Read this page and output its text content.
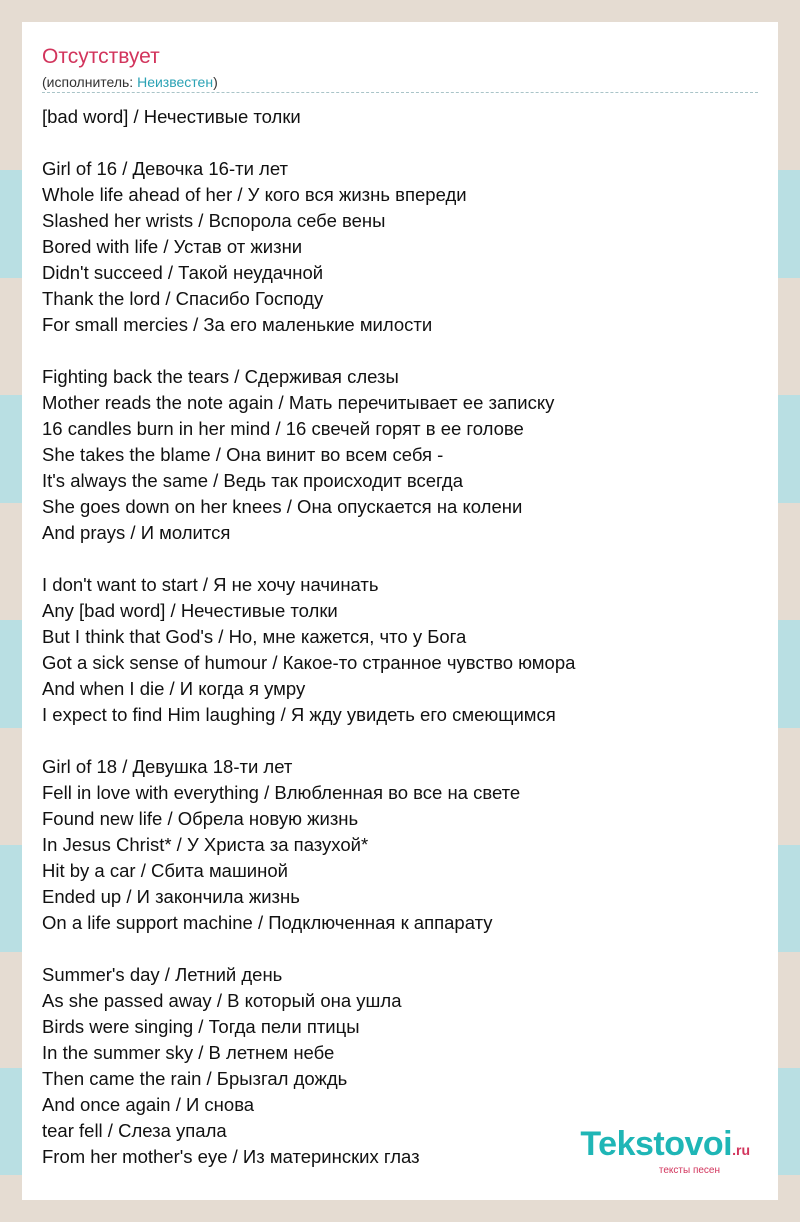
Отсутствует
(исполнитель: Неизвестен)
[bad word] / Нечестивые толки
Girl of 16 / Девочка 16-ти лет
Whole life ahead of her / У кого вся жизнь впереди
Slashed her wrists / Вспорола себе вены
Bored with life / Устав от жизни
Didn't succeed / Такой неудачной
Thank the lord / Спасибо Господу
For small mercies / За его маленькие милости
Fighting back the tears / Сдерживая слезы
Mother reads the note again / Мать перечитывает ее записку
16 candles burn in her mind / 16 свечей горят в ее голове
She takes the blame / Она винит во всем себя -
It's always the same / Ведь так происходит всегда
She goes down on her knees / Она опускается на колени
And prays / И молится
I don't want to start / Я не хочу начинать
Any [bad word] / Нечестивые толки
But I think that God's / Но, мне кажется, что у Бога
Got a sick sense of humour / Какое-то странное чувство юмора
And when I die / И когда я умру
I expect to find Him laughing / Я жду увидеть его смеющимся
Girl of 18 / Девушка 18-ти лет
Fell in love with everything / Влюбленная во все на свете
Found new life / Обрела новую жизнь
In Jesus Christ* / У Христа за пазухой*
Hit by a car / Сбита машиной
Ended up / И закончила жизнь
On a life support machine / Подключенная к аппарату
Summer's day / Летний день
As she passed away / В который она ушла
Birds were singing / Тогда пели птицы
In the summer sky / В летнем небе
Then came the rain / Брызгал дождь
And once again / И снова
tear fell / Слеза упала
From her mother's eye / Из материнских глаз	Tekstovoi.ru
тексты песен
